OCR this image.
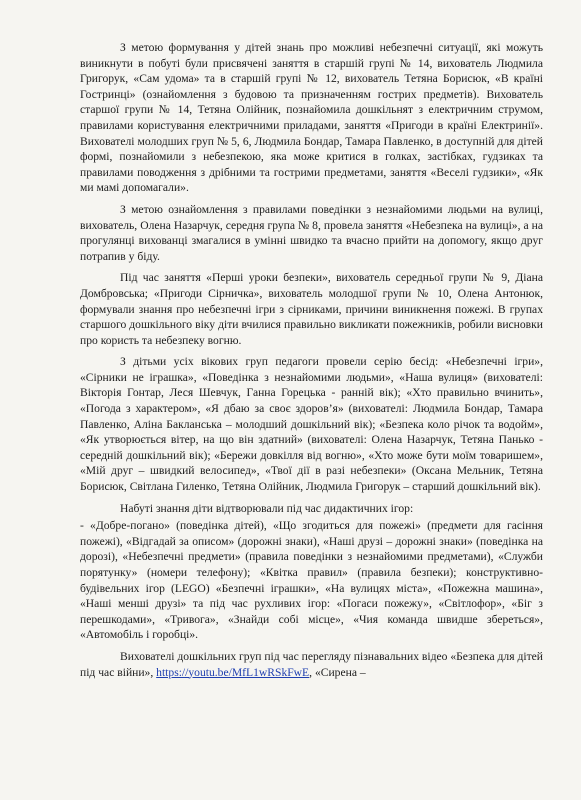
З метою формування у дітей знань про можливі небезпечні ситуації, які можуть виникнути в побуті були присвячені заняття в старшій групі № 14, вихователь Людмила Григорук, «Сам удома» та в старшій групі № 12, вихователь Тетяна Борисюк, «В країні Гостринці» (ознайомлення з будовою та призначенням гострих предметів). Вихователь старшої групи № 14, Тетяна Олійник, познайомила дошкільнят з електричним струмом, правилами користування електричними приладами, заняття «Пригоди в країні Електринії». Вихователі молодших груп № 5, 6, Людмила Бондар, Тамара Павленко, в доступній для дітей формі, познайомили з небезпекою, яка може критися в голках, застібках, гудзиках та правилами поводження з дрібними та гострими предметами, заняття «Веселі гудзики», «Як ми мамі допомагали».

З метою ознайомлення з правилами поведінки з незнайомими людьми на вулиці, вихователь, Олена Назарчук, середня група № 8, провела заняття «Небезпека на вулиці», а на прогулянці вихованці змагалися в умінні швидко та вчасно прийти на допомогу, якщо друг потрапив у біду.

Під час заняття «Перші уроки безпеки», вихователь середньої групи № 9, Діана Домбровська; «Пригоди Сірничка», вихователь молодшої групи № 10, Олена Антонюк, формували знання про небезпечні ігри з сірниками, причини виникнення пожежі. В групах старшого дошкільного віку діти вчилися правильно викликати пожежників, робили висновки про користь та небезпеку вогню.

З дітьми усіх вікових груп педагоги провели серію бесід: «Небезпечні ігри», «Сірники не іграшка», «Поведінка з незнайомими людьми», «Наша вулиця» (вихователі: Вікторія Гонтар, Леся Шевчук, Ганна Горецька - ранній вік); «Хто правильно вчинить», «Погода з характером», «Я дбаю за своє здоров’я» (вихователі: Людмила Бондар, Тамара Павленко, Аліна Бакланська – молодший дошкільний вік); «Безпека коло річок та водойм», «Як утворюється вітер, на що він здатний» (вихователі: Олена Назарчук, Тетяна Панько - середній дошкільний вік); «Бережи довкілля від вогню», «Хто може бути моїм товаришем», «Мій друг – швидкий велосипед», «Твої дії в разі небезпеки» (Оксана Мельник, Тетяна Борисюк, Світлана Гиленко, Тетяна Олійник, Людмила Григорук – старший дошкільний вік).

Набуті знання діти відтворювали під час дидактичних ігор:

- «Добре-погано» (поведінка дітей), «Що згодиться для пожежі» (предмети для гасіння пожежі), «Відгадай за описом» (дорожні знаки), «Наші друзі – дорожні знаки» (поведінка на дорозі), «Небезпечні предмети» (правила поведінки з незнайомими предметами), «Служби порятунку» (номери телефону); «Квітка правил» (правила безпеки); конструктивно-будівельних ігор (LEGO) «Безпечні іграшки», «На вулицях міста», «Пожежна машина», «Наші менші друзі» та під час рухливих ігор: «Погаси пожежу», «Світлофор», «Біг з перешкодами», «Тривога», «Знайди собі місце», «Чия команда швидше збереться», «Автомобіль і горобці».

Вихователі дошкільних груп під час перегляду пізнавальних відео «Безпека для дітей під час війни», https://youtu.be/MfL1wRSkFwE, «Сирена –
